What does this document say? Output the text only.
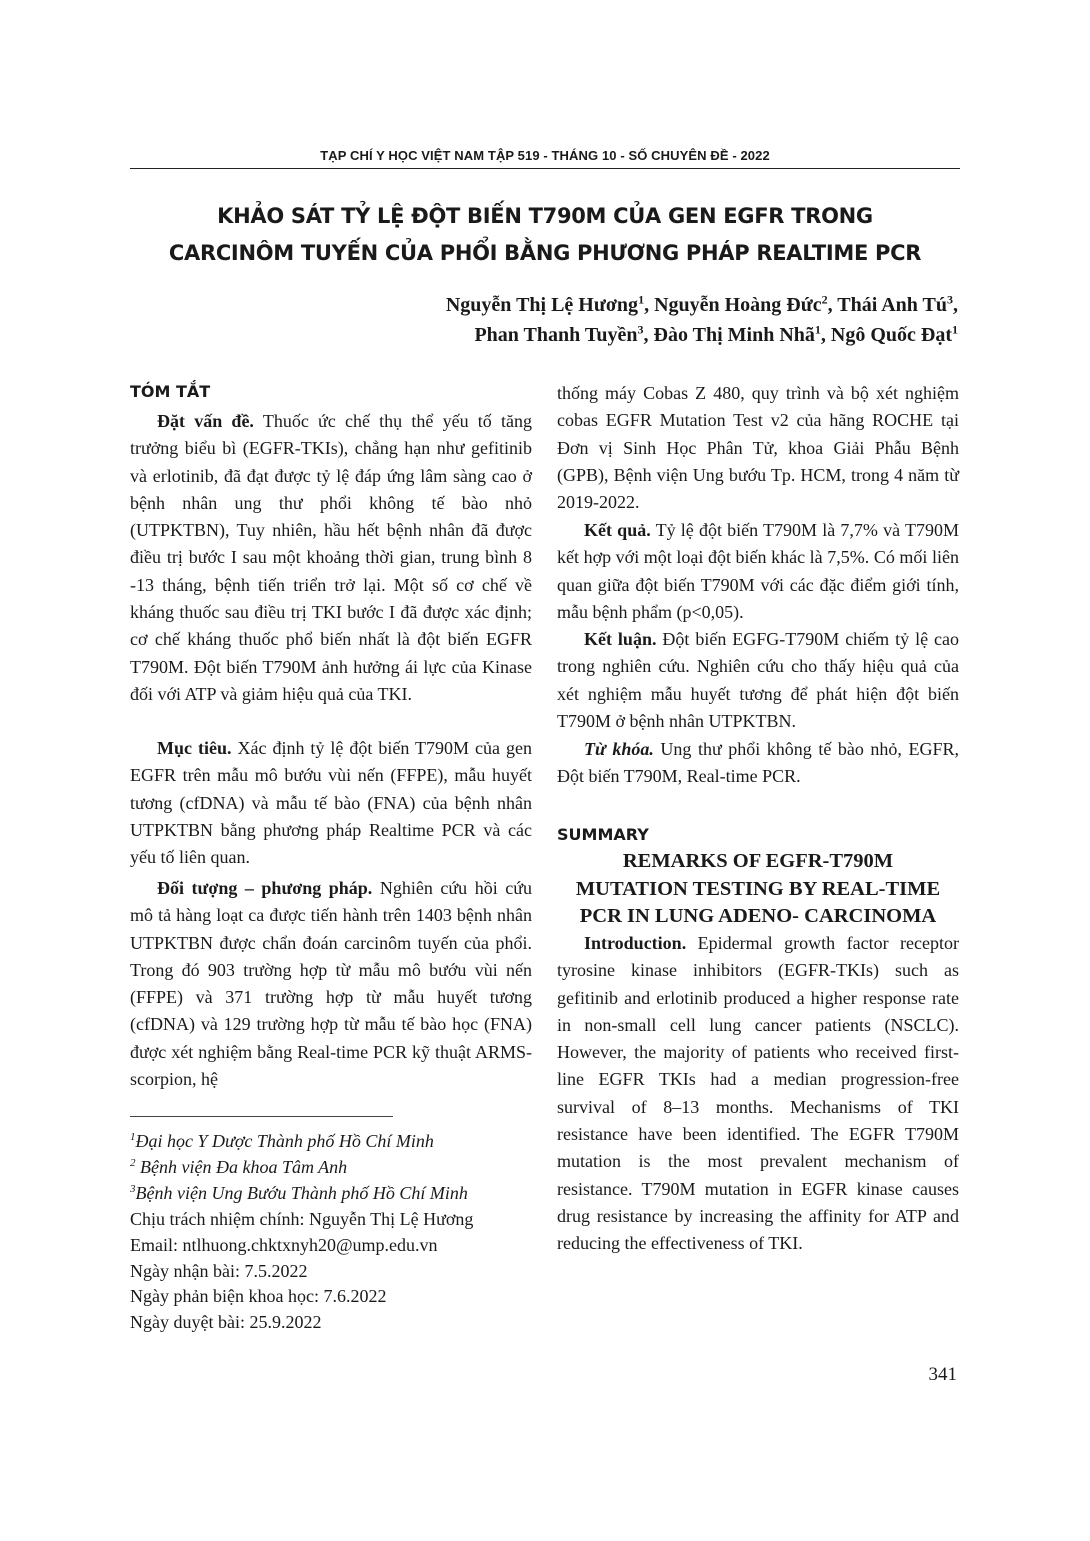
TẠP CHÍ Y HỌC VIỆT NAM TẬP 519 - THÁNG 10 - SỐ CHUYÊN ĐỀ - 2022
KHẢO SÁT TỶ LỆ ĐỘT BIẾN T790M CỦA GEN EGFR TRONG
CARCINÔM TUYẾN CỦA PHỔI BẰNG PHƯƠNG PHÁP REALTIME PCR
Nguyễn Thị Lệ Hương$^1$, Nguyễn Hoàng Đức$^2$, Thái Anh $Tú^3$,
Phan Thanh Tuyền$^3$, Đào Thị Minh Nhã$^1$, Ngô Quốc Đạt$^1$
TÓM TẮT

Đặt vấn đề. Thuốc ức chế thụ thể yếu tố tăng trưởng biểu bì (EGFR-TKIs), chẳng hạn như gefitinib và erlotinib, đã đạt được tỷ lệ đáp ứng lâm sàng cao ở bệnh nhân ung thư phổi không tế bào nhỏ (UTPKTBN), Tuy nhiên, hầu hết bệnh nhân đã được điều trị bước I sau một khoảng thời gian, trung bình 8 -13 tháng, bệnh tiến triển trở lại. Một số cơ chế về kháng thuốc sau điều trị TKI bước I đã được xác định; cơ chế kháng thuốc phổ biến nhất là đột biến EGFR T790M. Đột biến T790M ảnh hưởng ái lực của Kinase đối với ATP và giảm hiệu quả của TKI.

Mục tiêu. Xác định tỷ lệ đột biến T790M của gen EGFR trên mẫu mô bướu vùi nến (FFPE), mẫu huyết tương (cfDNA) và mẫu tế bào (FNA) của bệnh nhân UTPKTBN bằng phương pháp Realtime PCR và các yếu tố liên quan.

Đối tượng – phương pháp. Nghiên cứu hồi cứu mô tả hàng loạt ca được tiến hành trên 1403 bệnh nhân UTPKTBN được chẩn đoán carcinôm tuyến của phổi. Trong đó 903 trường hợp từ mẫu mô bướu vùi nến (FFPE) và 371 trường hợp từ mẫu huyết tương (cfDNA) và 129 trường hợp từ mẫu tế bào học (FNA) được xét nghiệm bằng Real-time PCR kỹ thuật ARMS-scorpion, hệ

$^1$Đại học Y Dược Thành phố Hồ Chí Minh
$^2$ Bệnh viện Đa khoa Tâm Anh
$^3$Bệnh viện Ung Bướu Thành phố Hồ Chí Minh
Chịu trách nhiệm chính: Nguyễn Thị Lệ Hương
Email: ntlhuong.chktxnyh20@ump.edu.vn
Ngày nhận bài: 7.5.2022
Ngày phản biện khoa học: 7.6.2022
Ngày duyệt bài: 25.9.2022

thống máy Cobas Z 480, quy trình và bộ xét nghiệm cobas EGFR Mutation Test v2 của hãng ROCHE tại Đơn vị Sinh Học Phân Tử, khoa Giải Phẫu Bệnh (GPB), Bệnh viện Ung bướu Tp. HCM, trong 4 năm từ 2019-2022.

Kết quả. Tỷ lệ đột biến T790M là 7,7% và T790M kết hợp với một loại đột biến khác là 7,5%. Có mối liên quan giữa đột biến T790M với các đặc điểm giới tính, mẫu bệnh phẩm (p<0,05).

Kết luận. Đột biến EGFG-T790M chiếm tỷ lệ cao trong nghiên cứu. Nghiên cứu cho thấy hiệu quả của xét nghiệm mẫu huyết tương để phát hiện đột biến T790M ở bệnh nhân UTPKTBN.

Từ khóa. Ung thư phổi không tế bào nhỏ, EGFR, Đột biến T790M, Real-time PCR.

SUMMARY

Introduction. Epidermal growth factor receptor tyrosine kinase inhibitors (EGFR-TKIs) such as gefitinib and erlotinib produced a higher response rate in non-small cell lung cancer patients (NSCLC). However, the majority of patients who received first-line EGFR TKIs had a median progression-free survival of 8–13 months. Mechanisms of TKI resistance have been identified. The EGFR T790M mutation is the most prevalent mechanism of resistance. T790M mutation in EGFR kinase causes drug resistance by increasing the affinity for ATP and reducing the effectiveness of TKI.

REMARKS OF EGFR-T790M
MUTATION TESTING BY REAL-TIME
PCR IN LUNG ADENO- CARCINOMA
341
